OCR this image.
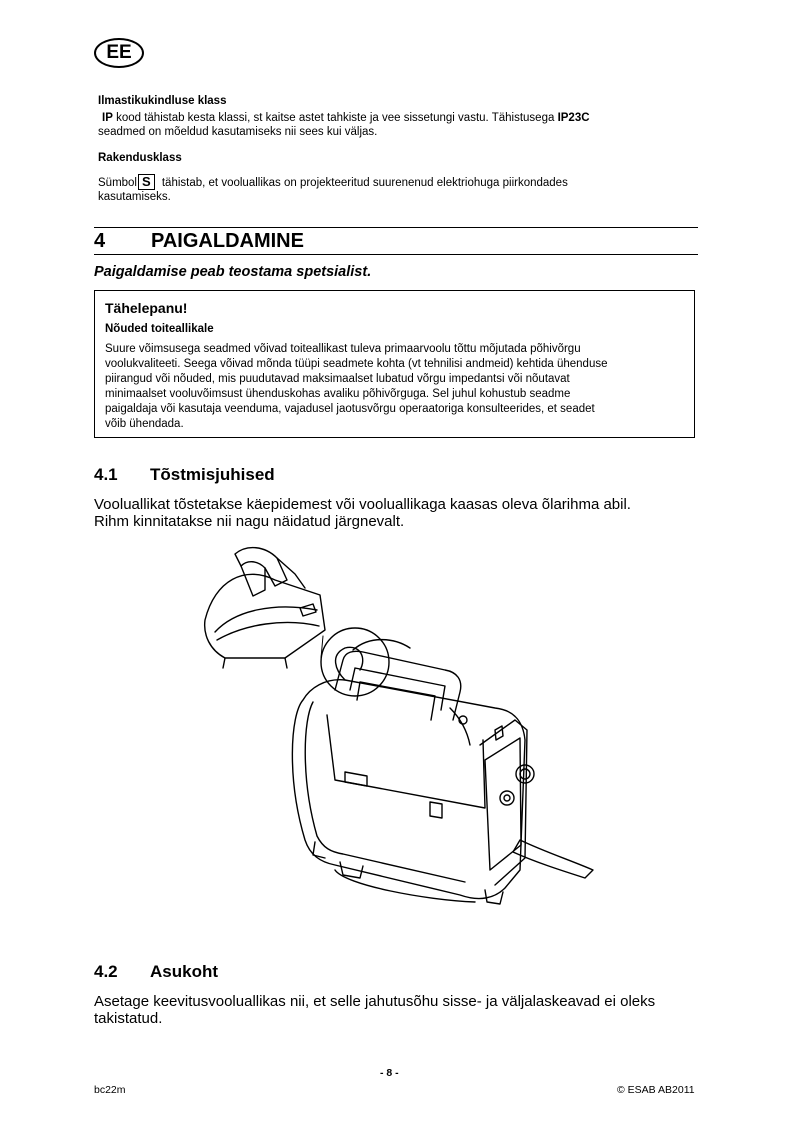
EE
Ilmastikukindluse klass
IP kood tähistab kesta klassi, st kaitse astet tahkiste ja vee sissetungi vastu. Tähistusega IP23C
seadmed on mõeldud kasutamiseks nii sees kui väljas.
Rakendusklass
Sümbol S tähistab, et vooluallikas on projekteeritud suurenenud elektriohuga piirkondades
kasutamiseks.
4 PAIGALDAMINE
Paigaldamise peab teostama spetsialist.
Tähelepanu!
Nõuded toiteallikale
Suure võimsusega seadmed võivad toiteallikast tuleva primaarvoolu tõttu mõjutada põhivõrgu
voolukvaliteeti. Seega võivad mõnda tüüpi seadmete kohta (vt tehnilisi andmeid) kehtida ühenduse
piirangud või nõuded, mis puudutavad maksimaalset lubatud võrgu impedantsi või nõutavat
minimaalset vooluvõimsust ühenduskohas avaliku põhivõrguga. Sel juhul kohustub seadme
paigaldaja või kasutaja veenduma, vajadusel jaotusvõrgu operaatoriga konsulteerides, et seadet
võib ühendada.
4.1 Tõstmisjuhised
Vooluallikat tõstetakse käepidemest või vooluallikaga kaasas oleva õlarihma abil.
Rihm kinnitatakse nii nagu näidatud järgnevalt.
4.2 Asukoht
Asetage keevitusvooluallikas nii, et selle jahutusõhu sisse- ja väljalaskeavad ei oleks
takistatud.
- 8 -
bc22m	© ESAB AB2011
